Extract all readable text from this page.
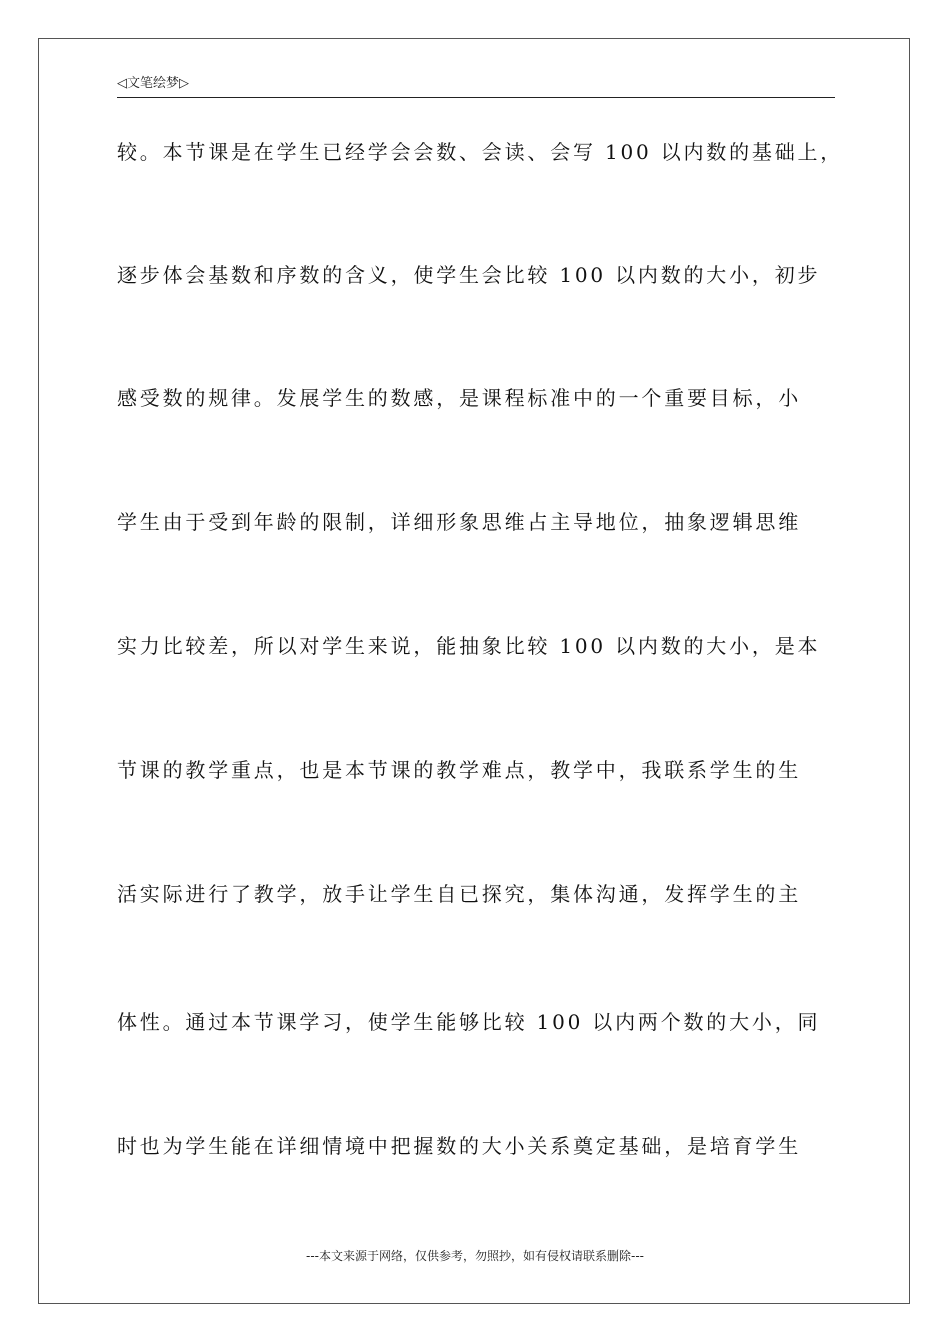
◁文笔绘梦▷
较。本节课是在学生已经学会会数、会读、会写 100 以内数的基础上，
逐步体会基数和序数的含义，使学生会比较 100 以内数的大小，初步
感受数的规律。发展学生的数感，是课程标准中的一个重要目标，小
学生由于受到年龄的限制，详细形象思维占主导地位，抽象逻辑思维
实力比较差，所以对学生来说，能抽象比较 100 以内数的大小，是本
节课的教学重点，也是本节课的教学难点，教学中，我联系学生的生
活实际进行了教学，放手让学生自已探究，集体沟通，发挥学生的主
体性。通过本节课学习，使学生能够比较 100 以内两个数的大小，同
时也为学生能在详细情境中把握数的大小关系奠定基础，是培育学生
---本文来源于网络，仅供参考，勿照抄，如有侵权请联系删除---
